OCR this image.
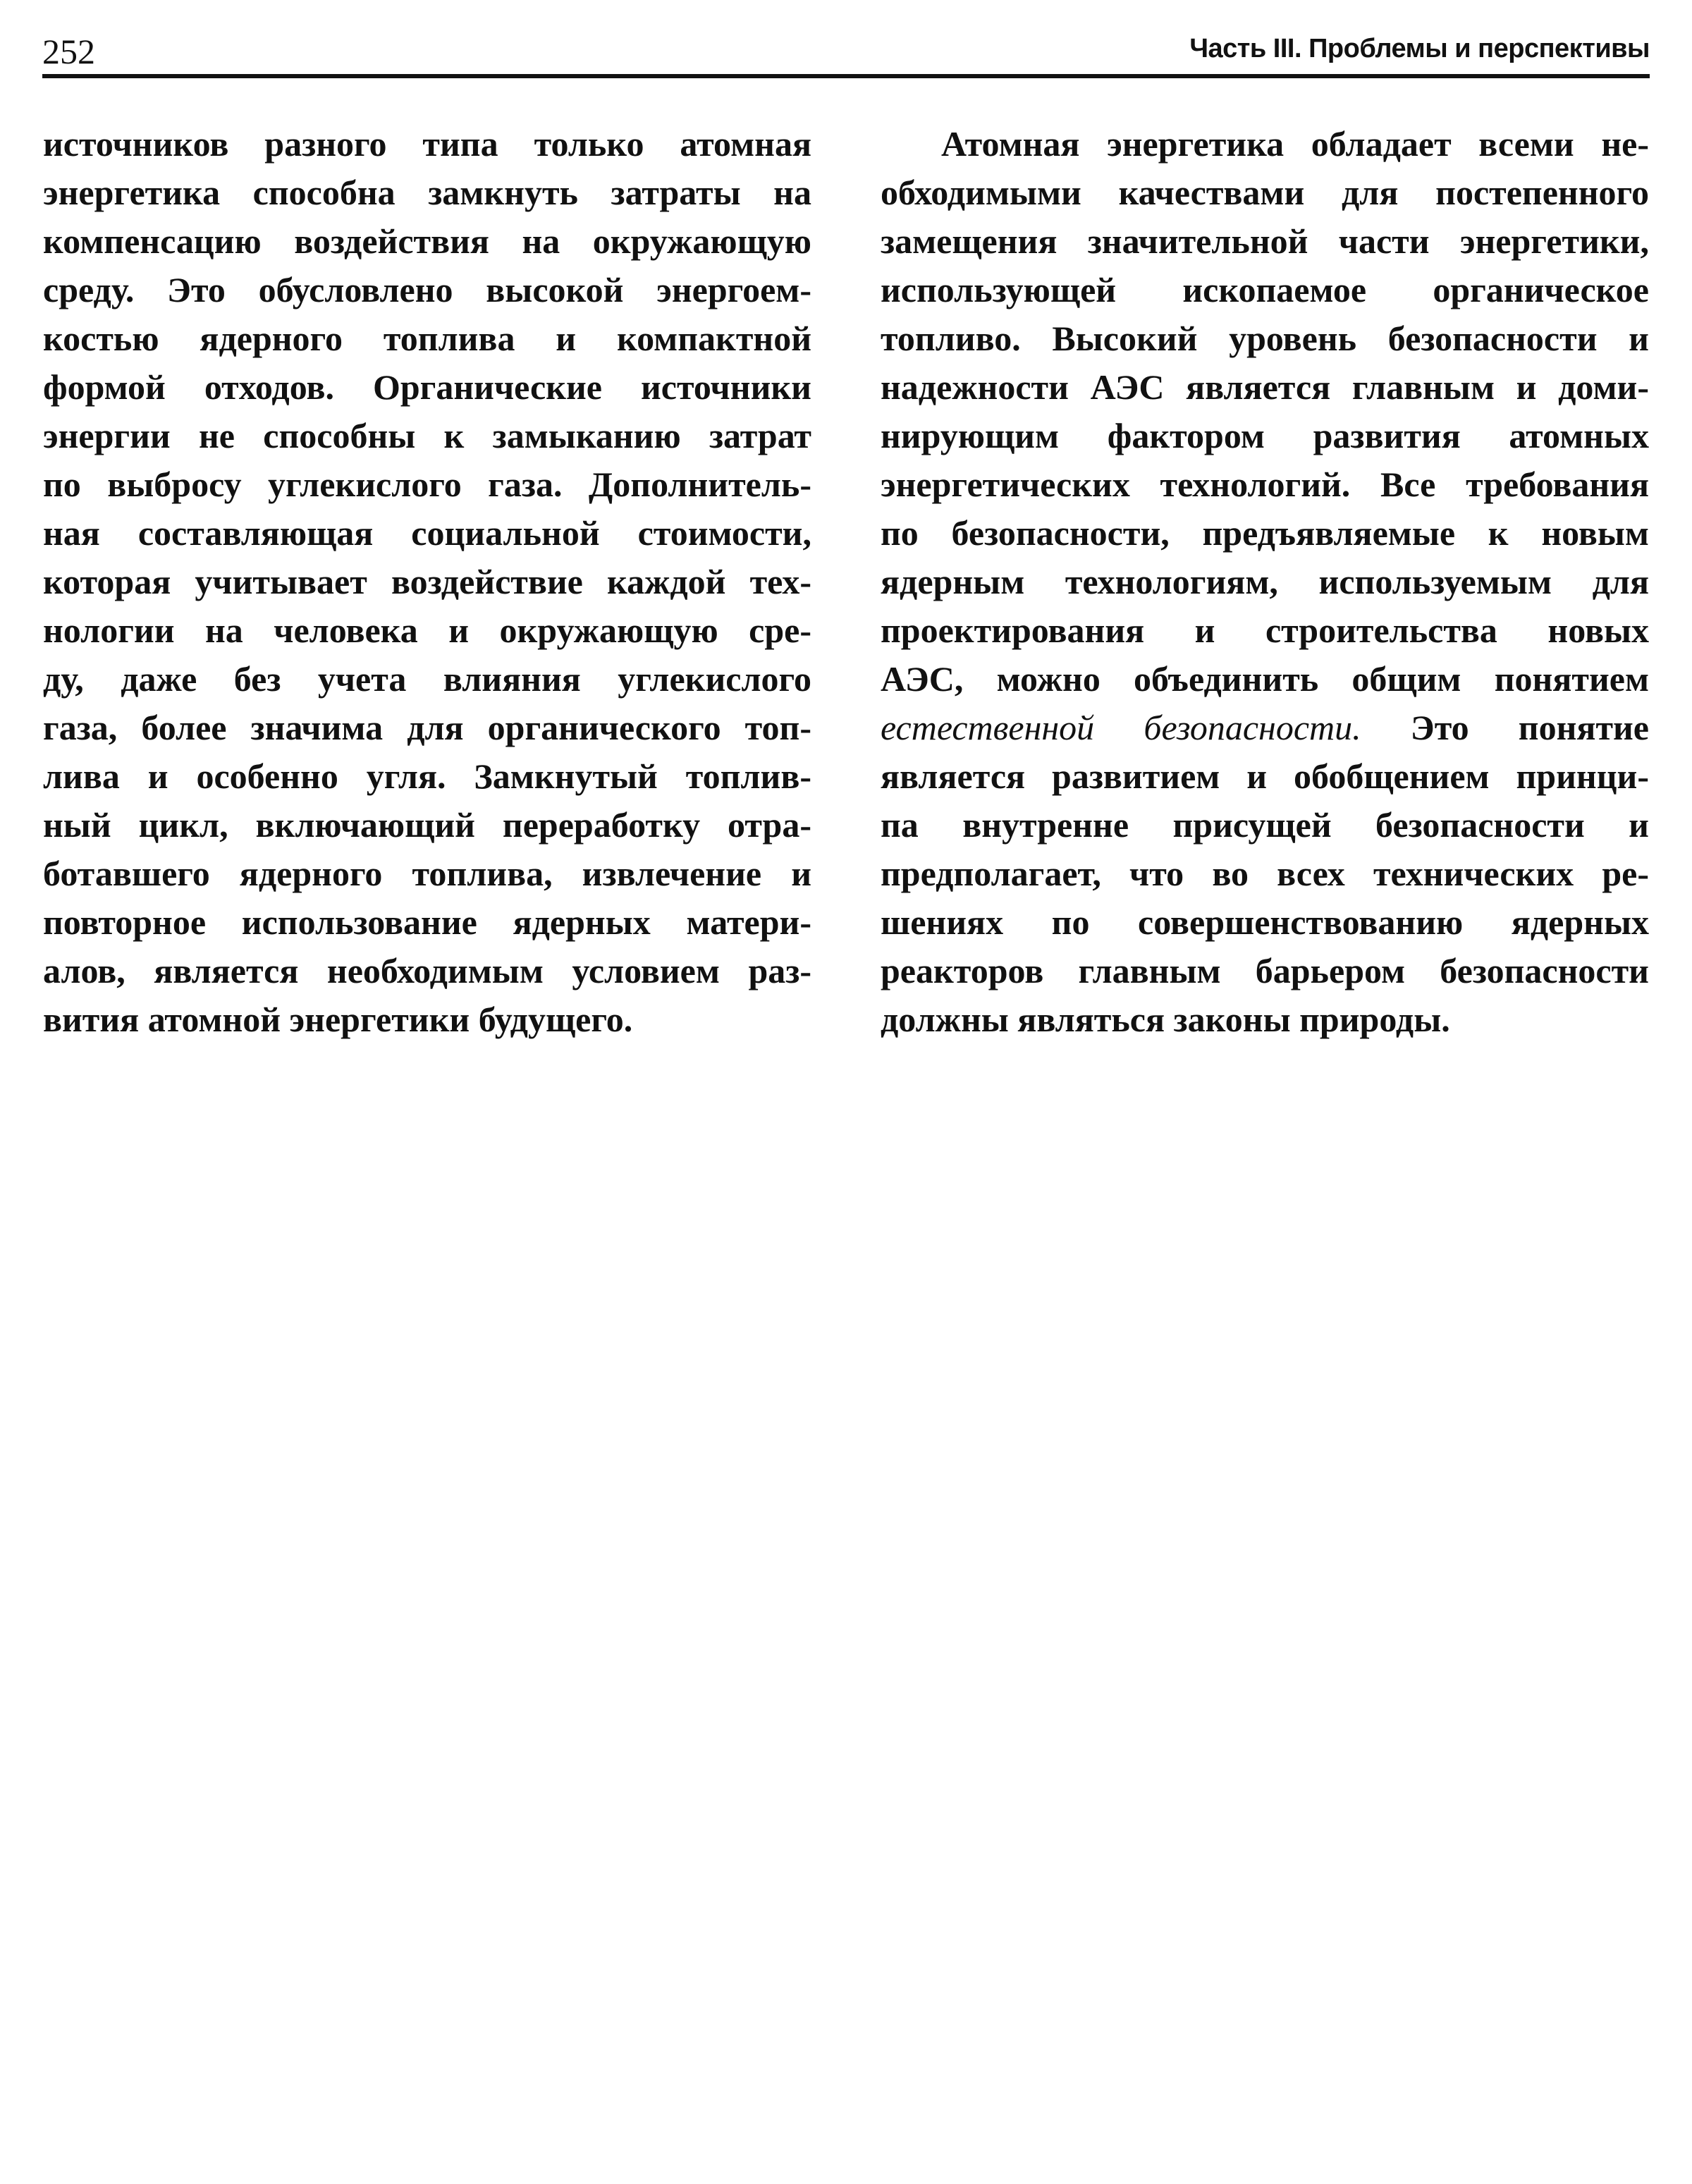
252	Часть III. Проблемы и перспективы
источников разного типа только атомная
энергетика способна замкнуть затраты на
компенсацию воздействия на окружающую
среду. Это обусловлено высокой энергоем-
костью ядерного топлива и компактной
формой отходов. Органические источники
энергии не способны к замыканию затрат
по выбросу углекислого газа. Дополнитель-
ная составляющая социальной стоимости,
которая учитывает воздействие каждой тех-
нологии на человека и окружающую сре-
ду, даже без учета влияния углекислого
газа, более значима для органического топ-
лива и особенно угля. Замкнутый топлив-
ный цикл, включающий переработку отра-
ботавшего ядерного топлива, извлечение и
повторное использование ядерных матери-
алов, является необходимым условием раз-
вития атомной энергетики будущего.
Атомная энергетика обладает всеми не-
обходимыми качествами для постепенного
замещения значительной части энергетики,
использующей ископаемое органическое
топливо. Высокий уровень безопасности и
надежности АЭС является главным и доми-
нирующим фактором развития атомных
энергетических технологий. Все требования
по безопасности, предъявляемые к новым
ядерным технологиям, используемым для
проектирования и строительства новых
АЭС, можно объединить общим понятием
естественной безопасности. Это понятие
является развитием и обобщением принци-
па внутренне присущей безопасности и
предполагает, что во всех технических ре-
шениях по совершенствованию ядерных
реакторов главным барьером безопасности
должны являться законы природы.
